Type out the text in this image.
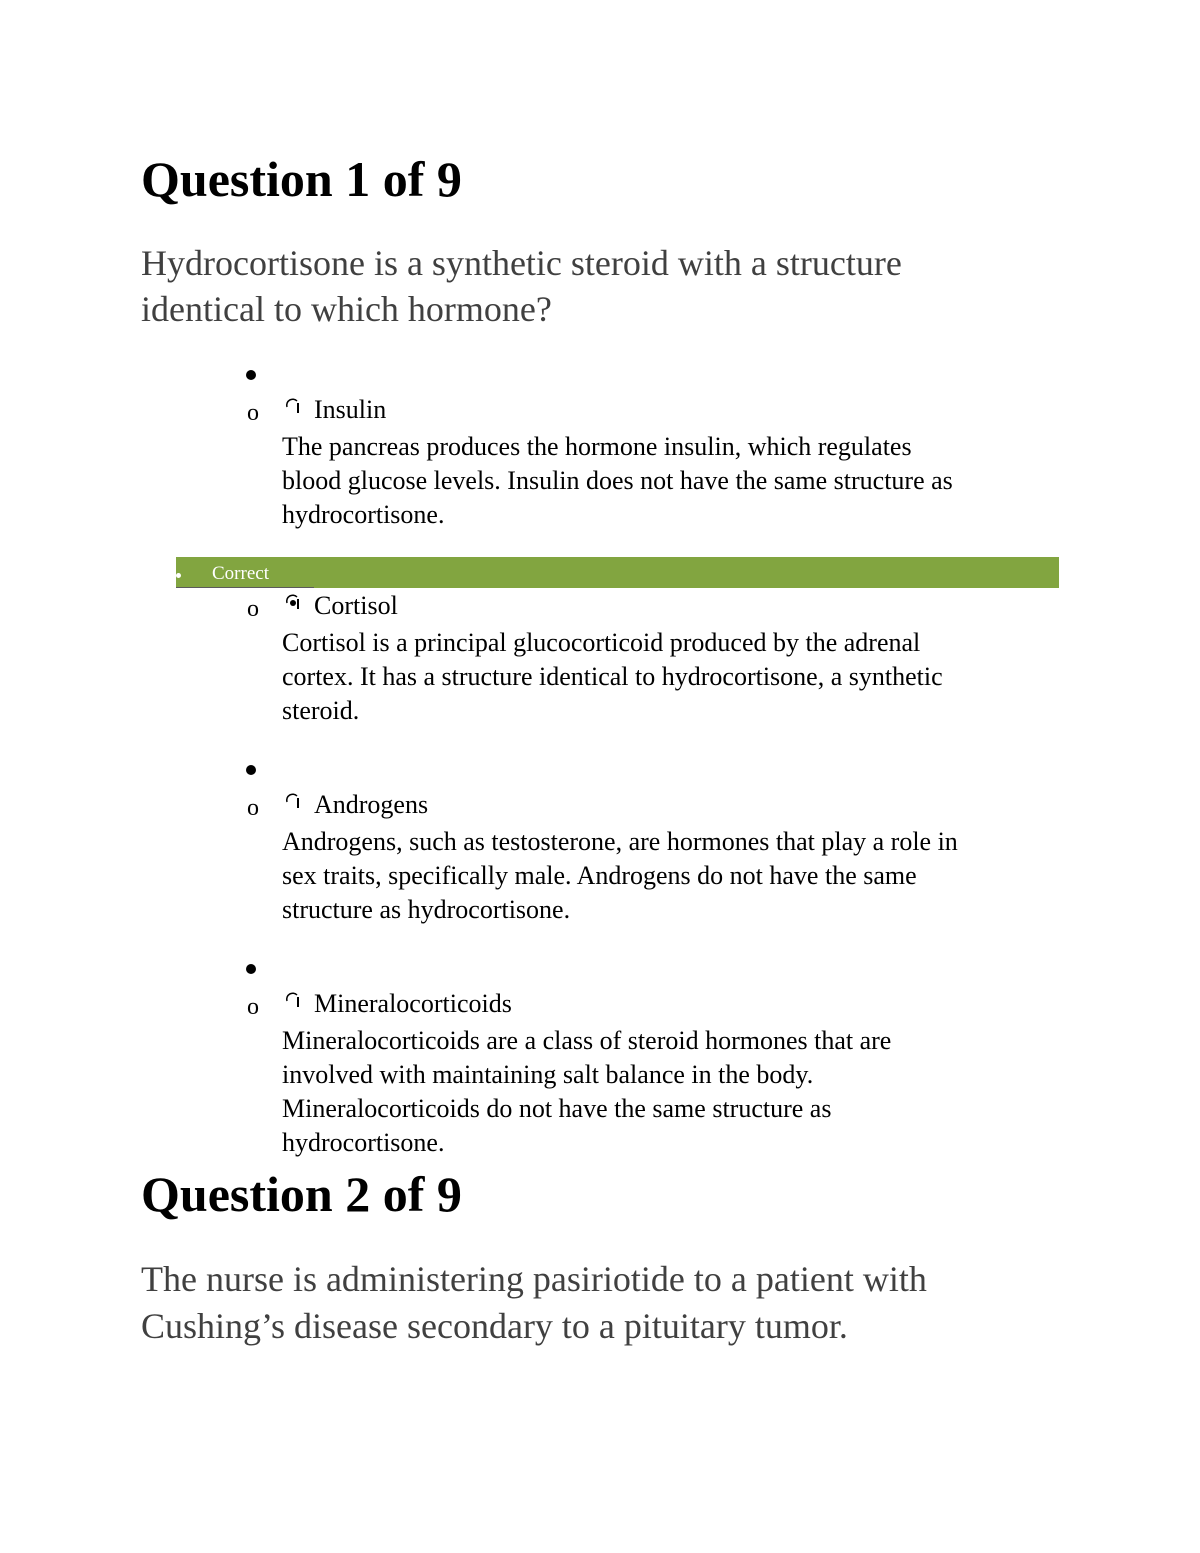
Question 1 of 9

Hydrocortisone is a synthetic steroid with a structure

identical to which hormone?

o Insulin

The pancreas produces the hormone insulin, which regulates

blood glucose levels. Insulin does not have the same structure as

hydrocortisone.

Correct
o Cortisol

Cortisol is a principal glucocorticoid produced by the adrenal

cortex. It has a structure identical to hydrocortisone, a synthetic

steroid.

o Androgens

Androgens, such as testosterone, are hormones that play a role in

sex traits, specifically male. Androgens do not have the same

structure as hydrocortisone.

o Mineralocorticoids

Mineralocorticoids are a class of steroid hormones that are

involved with maintaining salt balance in the body.

Mineralocorticoids do not have the same structure as

hydrocortisone.

Question 2 of 9

The nurse is administering pasiriotide to a patient with

Cushing’s disease secondary to a pituitary tumor.
